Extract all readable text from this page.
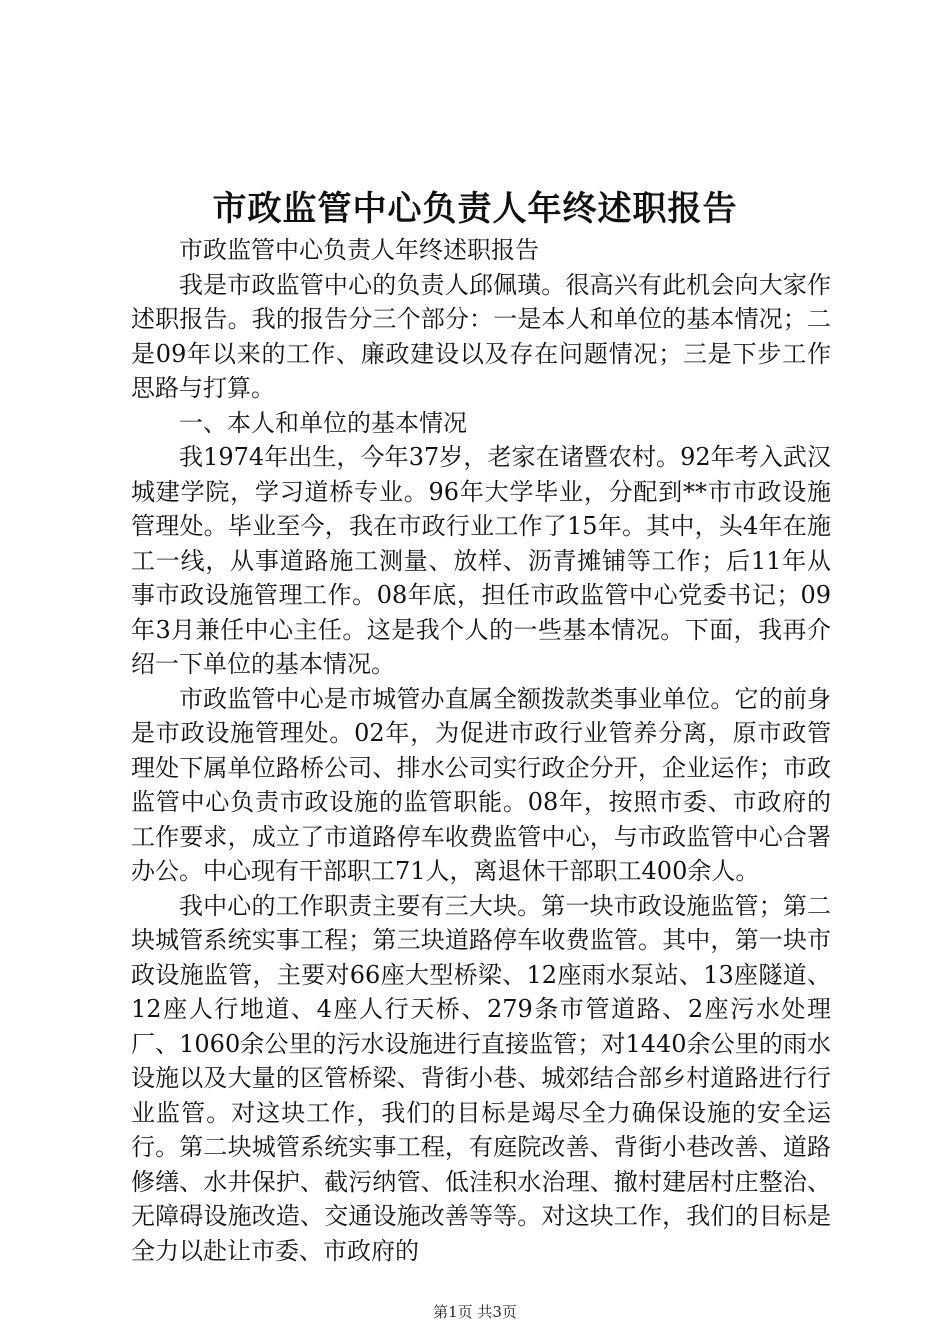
市政监管中心负责人年终述职报告

市政监管中心负责人年终述职报告

我是市政监管中心的负责人邱佩璜。很高兴有此机会向大家作述职报告。我的报告分三个部分：一是本人和单位的基本情况；二是09年以来的工作、廉政建设以及存在问题情况；三是下步工作思路与打算。

一、本人和单位的基本情况

我1974年出生，今年37岁，老家在诸暨农村。92年考入武汉城建学院，学习道桥专业。96年大学毕业，分配到**市市政设施管理处。毕业至今，我在市政行业工作了15年。其中，头4年在施工一线，从事道路施工测量、放样、沥青摊铺等工作；后11年从事市政设施管理工作。08年底，担任市政监管中心党委书记；09年3月兼任中心主任。这是我个人的一些基本情况。下面，我再介绍一下单位的基本情况。

市政监管中心是市城管办直属全额拨款类事业单位。它的前身是市政设施管理处。02年，为促进市政行业管养分离，原市政管理处下属单位路桥公司、排水公司实行政企分开，企业运作；市政监管中心负责市政设施的监管职能。08年，按照市委、市政府的工作要求，成立了市道路停车收费监管中心，与市政监管中心合署办公。中心现有干部职工71人，离退休干部职工400余人。

我中心的工作职责主要有三大块。第一块市政设施监管；第二块城管系统实事工程；第三块道路停车收费监管。其中，第一块市政设施监管，主要对66座大型桥梁、12座雨水泵站、13座隧道、12座人行地道、4座人行天桥、279条市管道路、2座污水处理厂、1060余公里的污水设施进行直接监管；对1440余公里的雨水设施以及大量的区管桥梁、背街小巷、城郊结合部乡村道路进行行业监管。对这块工作，我们的目标是竭尽全力确保设施的安全运行。第二块城管系统实事工程，有庭院改善、背街小巷改善、道路修缮、水井保护、截污纳管、低洼积水治理、撤村建居村庄整治、无障碍设施改造、交通设施改善等等。对这块工作，我们的目标是全力以赴让市委、市政府的

第1页 共3页
